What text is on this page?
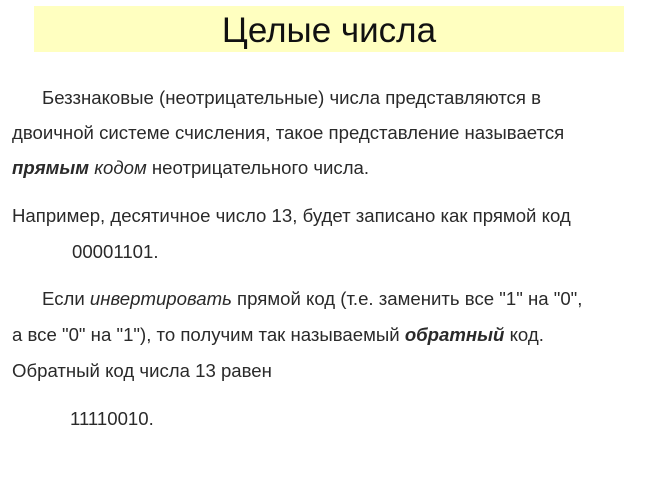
Целые числа
Беззнаковые (неотрицательные) числа представляются в
двоичной системе счисления, такое представление называется
прямым кодом неотрицательного числа.
Например, десятичное число 13, будет записано как прямой код
00001101.
Если инвертировать прямой код (т.е. заменить все "1" на "0",
а все "0" на "1"), то получим так называемый обратный код.
Обратный код числа 13 равен
11110010.
